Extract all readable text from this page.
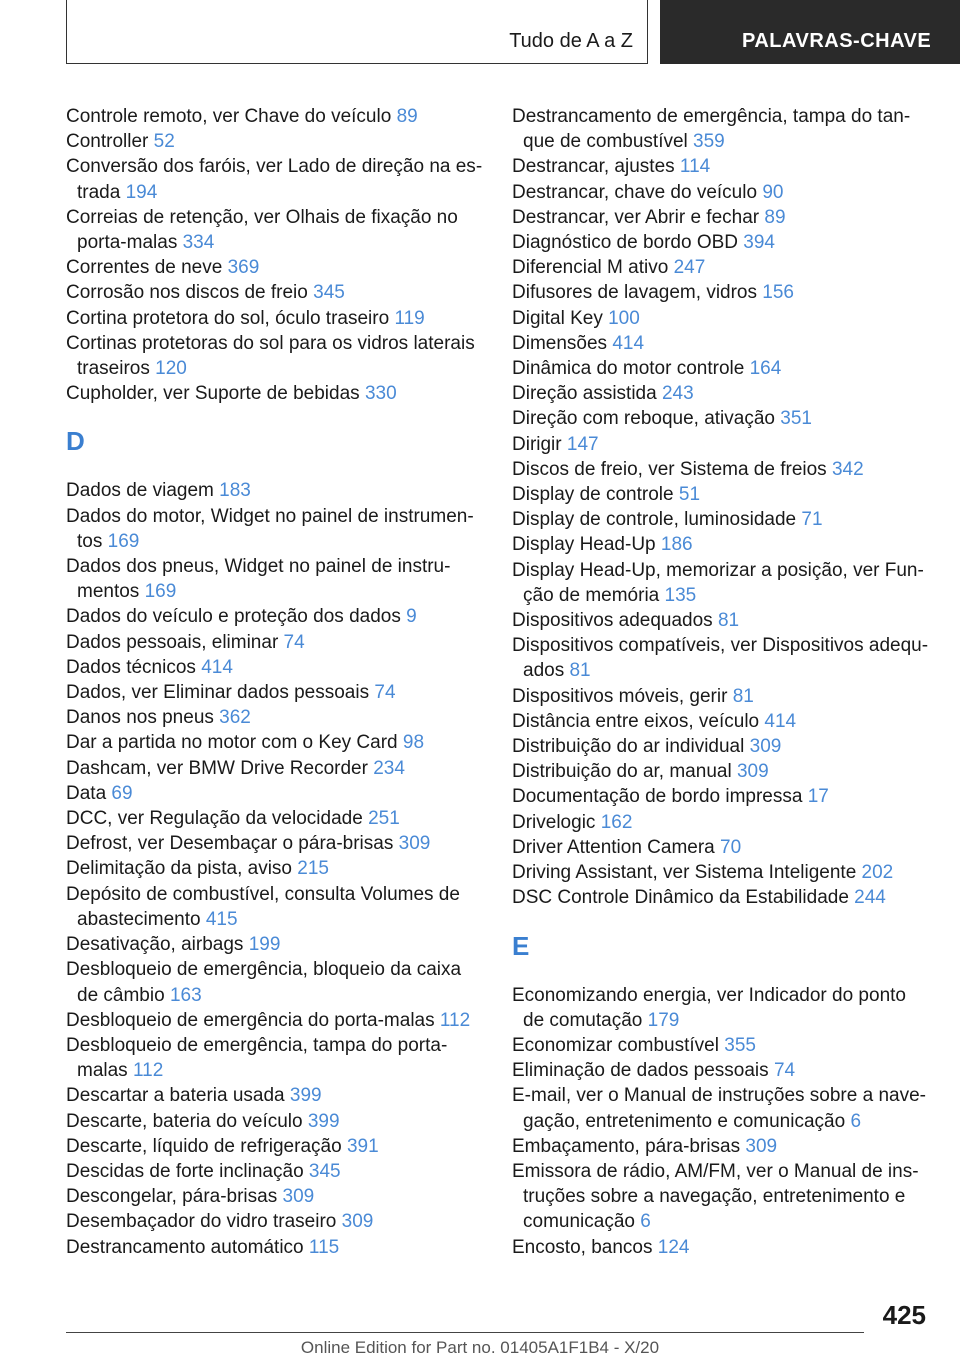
Tudo de A a Z	PALAVRAS-CHAVE
Controle remoto, ver Chave do veículo 89
Controller 52
Conversão dos faróis, ver Lado de direção na estrada 194
Correias de retenção, ver Olhais de fixação no porta-malas 334
Correntes de neve 369
Corrosão nos discos de freio 345
Cortina protetora do sol, óculo traseiro 119
Cortinas protetoras do sol para os vidros laterais traseiros 120
Cupholder, ver Suporte de bebidas 330
D
Dados de viagem 183
Dados do motor, Widget no painel de instrumentos 169
Dados dos pneus, Widget no painel de instrumentos 169
Dados do veículo e proteção dos dados 9
Dados pessoais, eliminar 74
Dados técnicos 414
Dados, ver Eliminar dados pessoais 74
Danos nos pneus 362
Dar a partida no motor com o Key Card 98
Dashcam, ver BMW Drive Recorder 234
Data 69
DCC, ver Regulação da velocidade 251
Defrost, ver Desembaçar o pára-brisas 309
Delimitação da pista, aviso 215
Depósito de combustível, consulta Volumes de abastecimento 415
Desativação, airbags 199
Desbloqueio de emergência, bloqueio da caixa de câmbio 163
Desbloqueio de emergência do porta-malas 112
Desbloqueio de emergência, tampa do porta-malas 112
Descartar a bateria usada 399
Descarte, bateria do veículo 399
Descarte, líquido de refrigeração 391
Descidas de forte inclinação 345
Descongelar, pára-brisas 309
Desembaçador do vidro traseiro 309
Destrancamento automático 115
Destrancamento de emergência, tampa do tanque de combustível 359
Destrancar, ajustes 114
Destrancar, chave do veículo 90
Destrancar, ver Abrir e fechar 89
Diagnóstico de bordo OBD 394
Diferencial M ativo 247
Difusores de lavagem, vidros 156
Digital Key 100
Dimensões 414
Dinâmica do motor controle 164
Direção assistida 243
Direção com reboque, ativação 351
Dirigir 147
Discos de freio, ver Sistema de freios 342
Display de controle 51
Display de controle, luminosidade 71
Display Head-Up 186
Display Head-Up, memorizar a posição, ver Função de memória 135
Dispositivos adequados 81
Dispositivos compatíveis, ver Dispositivos adequados 81
Dispositivos móveis, gerir 81
Distância entre eixos, veículo 414
Distribuição do ar individual 309
Distribuição do ar, manual 309
Documentação de bordo impressa 17
Drivelogic 162
Driver Attention Camera 70
Driving Assistant, ver Sistema Inteligente 202
DSC Controle Dinâmico da Estabilidade 244
E
Economizando energia, ver Indicador do ponto de comutação 179
Economizar combustível 355
Eliminação de dados pessoais 74
E-mail, ver o Manual de instruções sobre a navegação, entretenimento e comunicação 6
Embaçamento, pára-brisas 309
Emissora de rádio, AM/FM, ver o Manual de instruções sobre a navegação, entretenimento e comunicação 6
Encosto, bancos 124
425
Online Edition for Part no. 01405A1F1B4 - X/20
